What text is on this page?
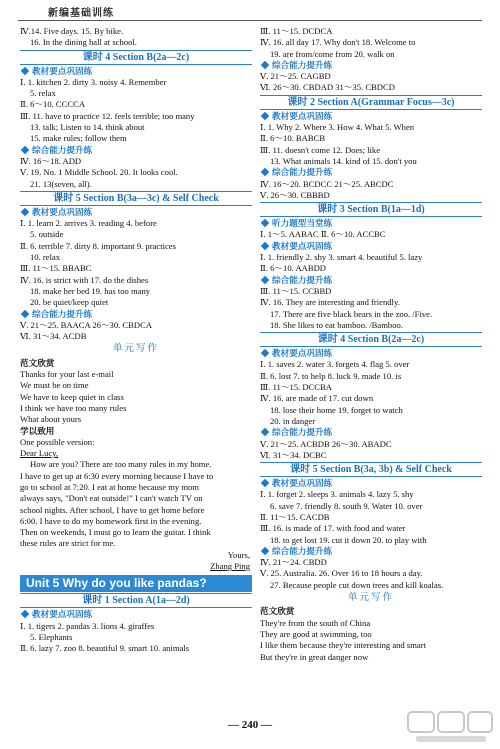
新编基础训练
Ⅳ.14. Five days. 15. By bike.
16. In the dining hall at school.
课时 4 Section B(2a—2c)
教材要点巩固练
Ⅰ. 1. kitchen 2. dirty 3. noisy 4. Remember
5. relax
Ⅱ. 6～10. CCCCA
Ⅲ. 11. have to practice 12. feels terrible; too many
13. talk; Listen to 14. think about
15. make rules; follow them
综合能力提升练
Ⅳ. 16～18. ADD
Ⅴ. 19. No. 1 Middle School. 20. It looks cool.
21. 13(seven, all).
课时 5 Section B(3a—3c) & Self Check
教材要点巩固练
Ⅰ. 1. learn 2. arrives 3. reading 4. before
5. outside
Ⅱ. 6. terrible 7. dirty 8. important 9. practices
10. relax
Ⅲ. 11～15. BBABC
Ⅳ. 16. is strict with 17. do the dishes
18. make her bed 19. has too many
20. be quiet/keep quiet
综合能力提升练
Ⅴ. 21～25. BAACA 26～30. CBDCA
Ⅵ. 31～34. ACDB
单元写作
范文欣赏
Thanks for your last e-mail
We must be on time
We have to keep quiet in class
I think we have too many rules
What about yours
学以致用
One possible version:
Dear Lucy,
How are you? There are too many rules in my home.
I have to get up at 6:30 every morning because I have to
go to school at 7:20. I eat at home because my mom
always says, "Don't eat outside!" I can't watch TV on
school nights. After school, I have to get home before
6:00. I have to do my homework first in the evening.
Then on weekends, I must go to learn the guitar. I think
these rules are strict for me.
Yours,
Zhang Ping
Unit 5 Why do you like pandas?
课时 1 Section A(1a—2d)
教材要点巩固练
Ⅰ. 1. tigers 2. pandas 3. lions 4. giraffes
5. Elephants
Ⅱ. 6. lazy 7. zoo 8. beautiful 9. smart 10. animals
Ⅲ. 11～15. DCDCA
Ⅳ. 16. all day 17. Why don't 18. Welcome to
19. are from/come from 20. walk on
综合能力提升练
Ⅴ. 21～25. CAGBD
Ⅵ. 26～30. CBDAD 31～35. CBDCD
课时 2 Section A(Grammar Focus—3c)
教材要点巩固练
Ⅰ. 1. Why 2. Where 3. How 4. What 5. When
Ⅱ. 6～10. BABCB
Ⅲ. 11. doesn't come 12. Does; like
13. What animals 14. kind of 15. don't you
综合能力提升练
Ⅳ. 16～20. BCDCC 21～25. ABCDC
Ⅴ. 26～30. CBBBD
课时 3 Section B(1a—1d)
听力题型当堂练
Ⅰ. 1～5. AABAC Ⅱ. 6～10. ACCBC
教材要点巩固练
Ⅰ. 1. friendly 2. shy 3. smart 4. beautiful 5. lazy
Ⅱ. 6～10. AABDD
综合能力提升练
Ⅲ. 11～15. CCBBD
Ⅳ. 16. They are interesting and friendly.
17. There are five black bears in the zoo. /Five.
18. She likes to eat bamboo. /Bamboo.
课时 4 Section B(2a—2c)
教材要点巩固练
Ⅰ. 1. saves 2. water 3. forgets 4. flag 5. over
Ⅱ. 6. lost 7. to help 8. luck 9. made 10. is
Ⅲ. 11～15. DCCBA
Ⅳ. 16. are made of 17. cut down
18. lose their home 19. forget to watch
20. in danger
综合能力提升练
Ⅴ. 21～25. ACBDB 26～30. ABADC
Ⅵ. 31～34. DCBC
课时 5 Section B(3a, 3b) & Self Check
教材要点巩固练
Ⅰ. 1. forget 2. sleeps 3. animals 4. lazy 5. shy
6. save 7. friendly 8. south 9. Water 10. over
Ⅱ. 11～15. CACDB
Ⅲ. 16. is made of 17. with food and water
18. to get lost 19. cut it down 20. to play with
综合能力提升练
Ⅳ. 21～24. CBDD
Ⅴ. 25. Australia. 26. Over 16 to 18 hours a day.
27. Because people cut down trees and kill koalas.
单元写作
范文欣赏
They're from the south of China
They are good at swimming, too
I like them because they're interesting and smart
But they're in great danger now
— 240 —
